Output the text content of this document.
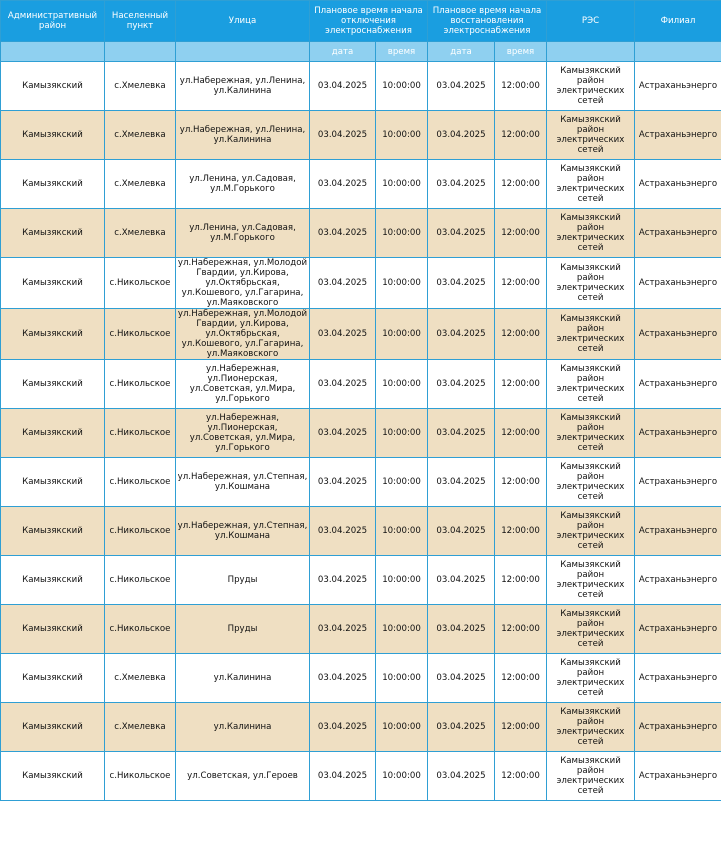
Административный район	Населенный пункт	Улица	Плановое время начала отключения электроснабжения		Плановое время начала восстановления электроснабжения		РЭС	Филиал
			дата	время	дата	время		
Камызякский	с.Хмелевка	ул.Набережная, ул.Ленина, ул.Калинина	03.04.2025	10:00:00	03.04.2025	12:00:00	Камызякский район электрических сетей	Астраханьэнерго
Камызякский	с.Хмелевка	ул.Набережная, ул.Ленина, ул.Калинина	03.04.2025	10:00:00	03.04.2025	12:00:00	Камызякский район электрических сетей	Астраханьэнерго
Камызякский	с.Хмелевка	ул.Ленина, ул.Садовая, ул.М.Горького	03.04.2025	10:00:00	03.04.2025	12:00:00	Камызякский район электрических сетей	Астраханьэнерго
Камызякский	с.Хмелевка	ул.Ленина, ул.Садовая, ул.М.Горького	03.04.2025	10:00:00	03.04.2025	12:00:00	Камызякский район электрических сетей	Астраханьэнерго
Камызякский	с.Никольское	ул.Набережная, ул.Молодой Гвардии, ул.Кирова, ул.Октябрьская, ул.Кошевого, ул.Гагарина, ул.Маяковского	03.04.2025	10:00:00	03.04.2025	12:00:00	Камызякский район электрических сетей	Астраханьэнерго
Камызякский	с.Никольское	ул.Набережная, ул.Молодой Гвардии, ул.Кирова, ул.Октябрьская, ул.Кошевого, ул.Гагарина, ул.Маяковского	03.04.2025	10:00:00	03.04.2025	12:00:00	Камызякский район электрических сетей	Астраханьэнерго
Камызякский	с.Никольское	ул.Набережная, ул.Пионерская, ул.Советская, ул.Мира, ул.Горького	03.04.2025	10:00:00	03.04.2025	12:00:00	Камызякский район электрических сетей	Астраханьэнерго
Камызякский	с.Никольское	ул.Набережная, ул.Пионерская, ул.Советская, ул.Мира, ул.Горького	03.04.2025	10:00:00	03.04.2025	12:00:00	Камызякский район электрических сетей	Астраханьэнерго
Камызякский	с.Никольское	ул.Набережная, ул.Степная, ул.Кошмана	03.04.2025	10:00:00	03.04.2025	12:00:00	Камызякский район электрических сетей	Астраханьэнерго
Камызякский	с.Никольское	ул.Набережная, ул.Степная, ул.Кошмана	03.04.2025	10:00:00	03.04.2025	12:00:00	Камызякский район электрических сетей	Астраханьэнерго
Камызякский	с.Никольское	Пруды	03.04.2025	10:00:00	03.04.2025	12:00:00	Камызякский район электрических сетей	Астраханьэнерго
Камызякский	с.Никольское	Пруды	03.04.2025	10:00:00	03.04.2025	12:00:00	Камызякский район электрических сетей	Астраханьэнерго
Камызякский	с.Хмелевка	ул.Калинина	03.04.2025	10:00:00	03.04.2025	12:00:00	Камызякский район электрических сетей	Астраханьэнерго
Камызякский	с.Хмелевка	ул.Калинина	03.04.2025	10:00:00	03.04.2025	12:00:00	Камызякский район электрических сетей	Астраханьэнерго
Камызякский	с.Никольское	ул.Советская, ул.Героев	03.04.2025	10:00:00	03.04.2025	12:00:00	Камызякский район электрических сетей	Астраханьэнерго
